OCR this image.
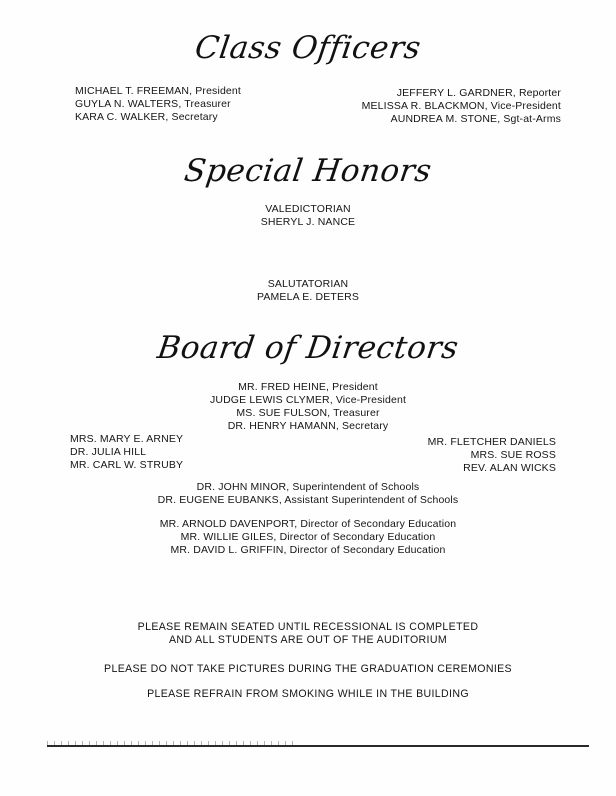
Class Officers
MICHAEL T. FREEMAN, President
GUYLA N. WALTERS, Treasurer
KARA C. WALKER, Secretary
JEFFERY L. GARDNER, Reporter
MELISSA R. BLACKMON, Vice-President
AUNDREA M. STONE, Sgt-at-Arms
Special Honors
VALEDICTORIAN
SHERYL J. NANCE
SALUTATORIAN
PAMELA E. DETERS
Board of Directors
MR. FRED HEINE, President
JUDGE LEWIS CLYMER, Vice-President
MS. SUE FULSON, Treasurer
DR. HENRY HAMANN, Secretary
MRS. MARY E. ARNEY
DR. JULIA HILL
MR. CARL W. STRUBY
MR. FLETCHER DANIELS
MRS. SUE ROSS
REV. ALAN WICKS
DR. JOHN MINOR, Superintendent of Schools
DR. EUGENE EUBANKS, Assistant Superintendent of Schools
MR. ARNOLD DAVENPORT, Director of Secondary Education
MR. WILLIE GILES, Director of Secondary Education
MR. DAVID L. GRIFFIN, Director of Secondary Education
PLEASE REMAIN SEATED UNTIL RECESSIONAL IS COMPLETED
AND ALL STUDENTS ARE OUT OF THE AUDITORIUM
PLEASE DO NOT TAKE PICTURES DURING THE GRADUATION CEREMONIES
PLEASE REFRAIN FROM SMOKING WHILE IN THE BUILDING
